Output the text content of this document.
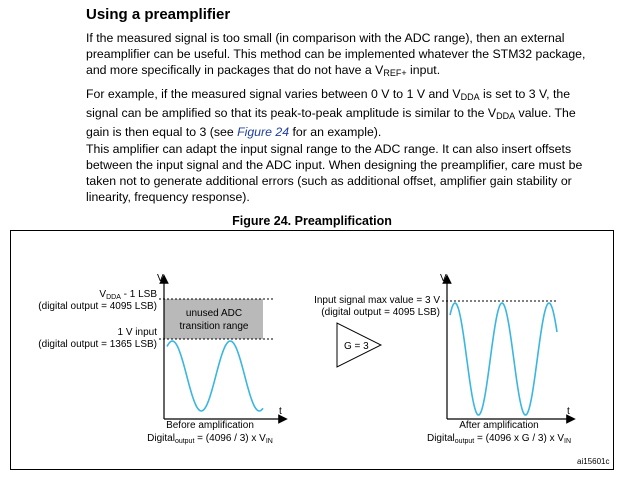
Using a preamplifier

If the measured signal is too small (in comparison with the ADC range), then an external
preamplifier can be useful. This method can be implemented whatever the STM32 package,
and more specifically in packages that do not have a $V_{REF+}$ input.

For example, if the measured signal varies between 0 V to 1 V and $V_{DDA}$ is set to 3 V, the
signal can be amplified so that its peak-to-peak amplitude is similar to the $V_{DDA}$ value. The
gain is then equal to 3 (see Figure 24 for an example).

This amplifier can adapt the input signal range to the ADC range. It can also insert offsets
between the input signal and the ADC input. When designing the preamplifier, care must be
taken not to generate additional errors (such as additional offset, amplifier gain stability or
linearity, frequency response).

Figure 24. Preamplification

V
t
$V_{DDA} - 1$ LSB
(digital output = 4095 LSB)
1 V input
(digital output = 1365 LSB)
unused ADC
transition range
Before amplification
Digital$_{output}$ = (4096 / 3) x $V_{IN}$
G = 3
V
t
Input signal max value = 3 V
(digital output = 4095 LSB)
After amplification
Digital$_{output}$ = (4096 x G / 3) x $V_{IN}$
ai15601c
